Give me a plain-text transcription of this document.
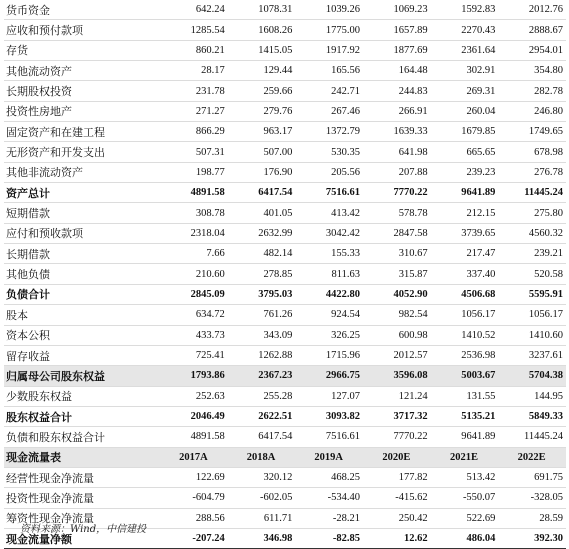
货币资金	642.24	1078.31	1039.26	1069.23	1592.83	2012.76
应收和预付款项	1285.54	1608.26	1775.00	1657.89	2270.43	2888.67
存货	860.21	1415.05	1917.92	1877.69	2361.64	2954.01
其他流动资产	28.17	129.44	165.56	164.48	302.91	354.80
长期股权投资	231.78	259.66	242.71	244.83	269.31	282.78
投资性房地产	271.27	279.76	267.46	266.91	260.04	246.80
固定资产和在建工程	866.29	963.17	1372.79	1639.33	1679.85	1749.65
无形资产和开发支出	507.31	507.00	530.35	641.98	665.65	678.98
其他非流动资产	198.77	176.90	205.56	207.88	239.23	276.78
资产总计	4891.58	6417.54	7516.61	7770.22	9641.89	11445.24
短期借款	308.78	401.05	413.42	578.78	212.15	275.80
应付和预收款项	2318.04	2632.99	3042.42	2847.58	3739.65	4560.32
长期借款	7.66	482.14	155.33	310.67	217.47	239.21
其他负债	210.60	278.85	811.63	315.87	337.40	520.58
负债合计	2845.09	3795.03	4422.80	4052.90	4506.68	5595.91
股本	634.72	761.26	924.54	982.54	1056.17	1056.17
资本公积	433.73	343.09	326.25	600.98	1410.52	1410.60
留存收益	725.41	1262.88	1715.96	2012.57	2536.98	3237.61
归属母公司股东权益	1793.86	2367.23	2966.75	3596.08	5003.67	5704.38
少数股东权益	252.63	255.28	127.07	121.24	131.55	144.95
股东权益合计	2046.49	2622.51	3093.82	3717.32	5135.21	5849.33
负债和股东权益合计	4891.58	6417.54	7516.61	7770.22	9641.89	11445.24
现金流量表	2017A	2018A	2019A	2020E	2021E	2022E
经营性现金净流量	122.69	320.12	468.25	177.82	513.42	691.75
投资性现金净流量	-604.79	-602.05	-534.40	-415.62	-550.07	-328.05
筹资性现金净流量	288.56	611.71	-28.21	250.42	522.69	28.59
现金流量净额	-207.24	346.98	-82.85	12.62	486.04	392.30
资料来源：Wind，中信建投
